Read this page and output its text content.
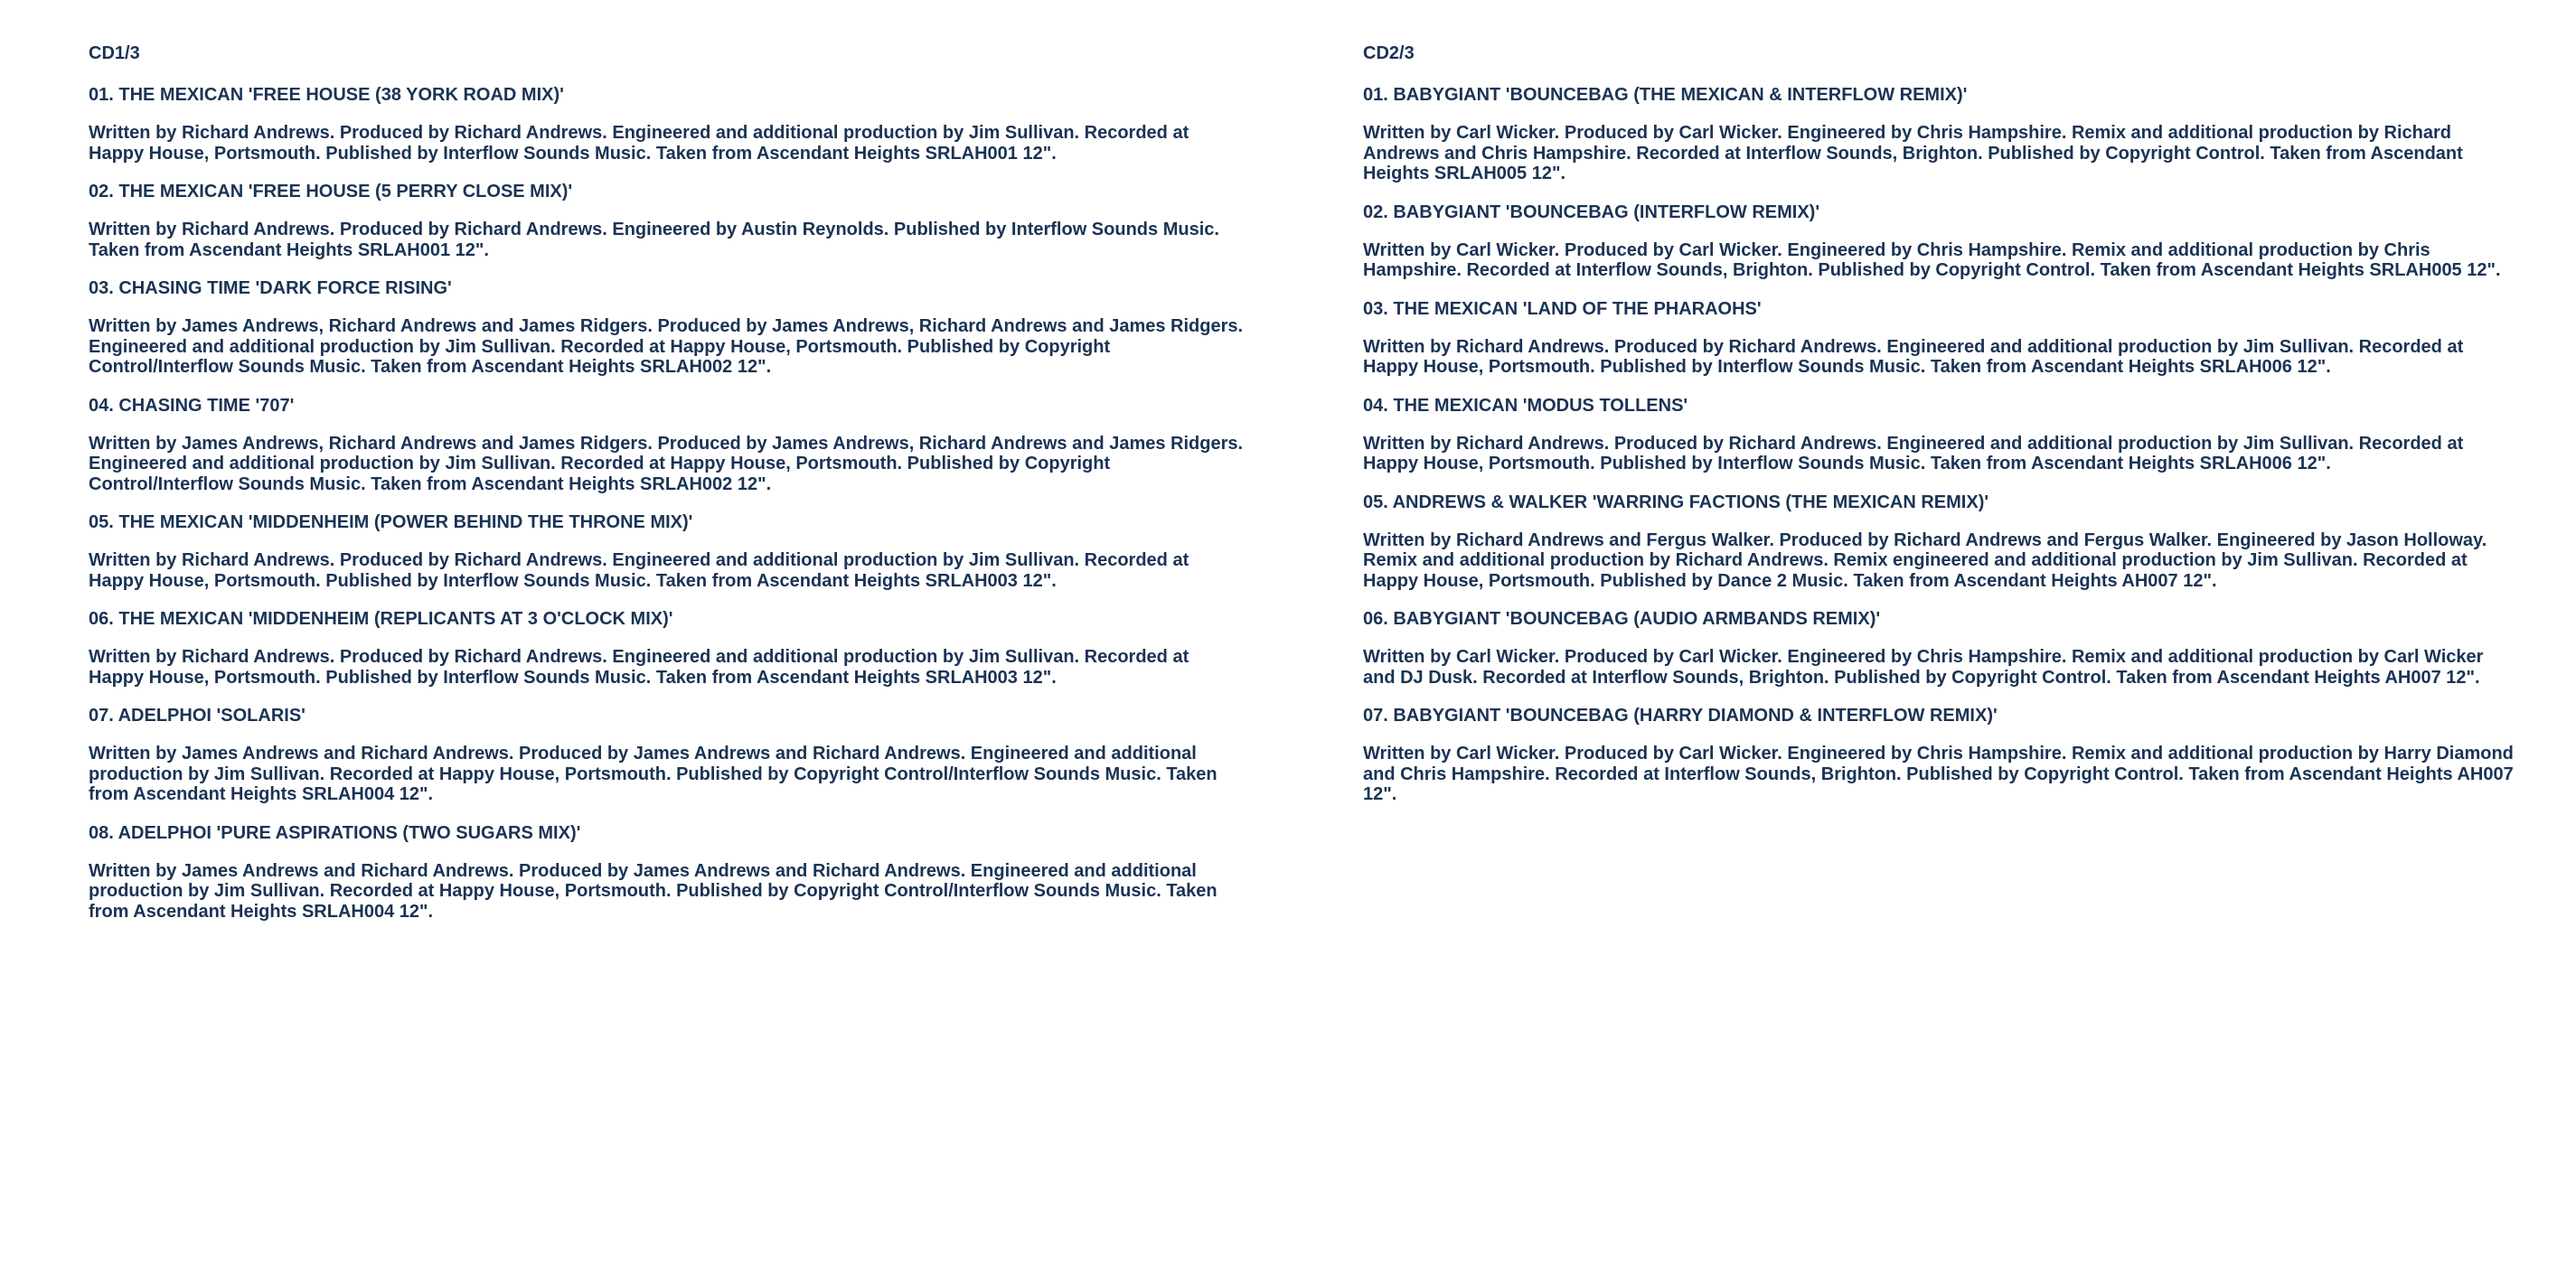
CD1/3
01. THE MEXICAN 'FREE HOUSE (38 YORK ROAD MIX)'
Written by Richard Andrews. Produced by Richard Andrews. Engineered and additional production by Jim Sullivan. Recorded at Happy House, Portsmouth. Published by Interflow Sounds Music. Taken from Ascendant Heights SRLAH001 12".
02. THE MEXICAN 'FREE HOUSE (5 PERRY CLOSE MIX)'
Written by Richard Andrews. Produced by Richard Andrews. Engineered by Austin Reynolds. Published by Interflow Sounds Music. Taken from Ascendant Heights SRLAH001 12".
03. CHASING TIME 'DARK FORCE RISING'
Written by James Andrews, Richard Andrews and James Ridgers. Produced by James Andrews, Richard Andrews and James Ridgers. Engineered and additional production by Jim Sullivan. Recorded at Happy House, Portsmouth. Published by Copyright Control/Interflow Sounds Music. Taken from Ascendant Heights SRLAH002 12".
04. CHASING TIME '707'
Written by James Andrews, Richard Andrews and James Ridgers. Produced by James Andrews, Richard Andrews and James Ridgers. Engineered and additional production by Jim Sullivan. Recorded at Happy House, Portsmouth. Published by Copyright Control/Interflow Sounds Music. Taken from Ascendant Heights SRLAH002 12".
05. THE MEXICAN 'MIDDENHEIM (POWER BEHIND THE THRONE MIX)'
Written by Richard Andrews. Produced by Richard Andrews. Engineered and additional production by Jim Sullivan. Recorded at Happy House, Portsmouth. Published by Interflow Sounds Music. Taken from Ascendant Heights SRLAH003 12".
06. THE MEXICAN 'MIDDENHEIM (REPLICANTS AT 3 O'CLOCK MIX)'
Written by Richard Andrews. Produced by Richard Andrews. Engineered and additional production by Jim Sullivan. Recorded at Happy House, Portsmouth. Published by Interflow Sounds Music. Taken from Ascendant Heights SRLAH003 12".
07. ADELPHOI 'SOLARIS'
Written by James Andrews and Richard Andrews. Produced by James Andrews and Richard Andrews. Engineered and additional production by Jim Sullivan. Recorded at Happy House, Portsmouth. Published by Copyright Control/Interflow Sounds Music. Taken from Ascendant Heights SRLAH004 12".
08. ADELPHOI 'PURE ASPIRATIONS (TWO SUGARS MIX)'
Written by James Andrews and Richard Andrews. Produced by James Andrews and Richard Andrews. Engineered and additional production by Jim Sullivan. Recorded at Happy House, Portsmouth. Published by Copyright Control/Interflow Sounds Music. Taken from Ascendant Heights SRLAH004 12".
CD2/3
01. BABYGIANT 'BOUNCEBAG (THE MEXICAN & INTERFLOW REMIX)'
Written by Carl Wicker. Produced by Carl Wicker. Engineered by Chris Hampshire. Remix and additional production by Richard Andrews and Chris Hampshire. Recorded at Interflow Sounds, Brighton. Published by Copyright Control. Taken from Ascendant Heights SRLAH005 12".
02. BABYGIANT 'BOUNCEBAG (INTERFLOW REMIX)'
Written by Carl Wicker. Produced by Carl Wicker. Engineered by Chris Hampshire. Remix and additional production by Chris Hampshire. Recorded at Interflow Sounds, Brighton. Published by Copyright Control. Taken from Ascendant Heights SRLAH005 12".
03. THE MEXICAN 'LAND OF THE PHARAOHS'
Written by Richard Andrews. Produced by Richard Andrews. Engineered and additional production by Jim Sullivan. Recorded at Happy House, Portsmouth. Published by Interflow Sounds Music. Taken from Ascendant Heights SRLAH006 12".
04. THE MEXICAN 'MODUS TOLLENS'
Written by Richard Andrews. Produced by Richard Andrews. Engineered and additional production by Jim Sullivan. Recorded at Happy House, Portsmouth. Published by Interflow Sounds Music. Taken from Ascendant Heights SRLAH006 12".
05. ANDREWS & WALKER 'WARRING FACTIONS (THE MEXICAN REMIX)'
Written by Richard Andrews and Fergus Walker. Produced by Richard Andrews and Fergus Walker. Engineered by Jason Holloway. Remix and additional production by Richard Andrews. Remix engineered and additional production by Jim Sullivan. Recorded at Happy House, Portsmouth. Published by Dance 2 Music. Taken from Ascendant Heights AH007 12".
06. BABYGIANT 'BOUNCEBAG (AUDIO ARMBANDS REMIX)'
Written by Carl Wicker. Produced by Carl Wicker. Engineered by Chris Hampshire. Remix and additional production by Carl Wicker and DJ Dusk. Recorded at Interflow Sounds, Brighton. Published by Copyright Control. Taken from Ascendant Heights AH007 12".
07. BABYGIANT 'BOUNCEBAG (HARRY DIAMOND & INTERFLOW REMIX)'
Written by Carl Wicker. Produced by Carl Wicker. Engineered by Chris Hampshire. Remix and additional production by Harry Diamond and Chris Hampshire. Recorded at Interflow Sounds, Brighton. Published by Copyright Control. Taken from Ascendant Heights AH007 12".
